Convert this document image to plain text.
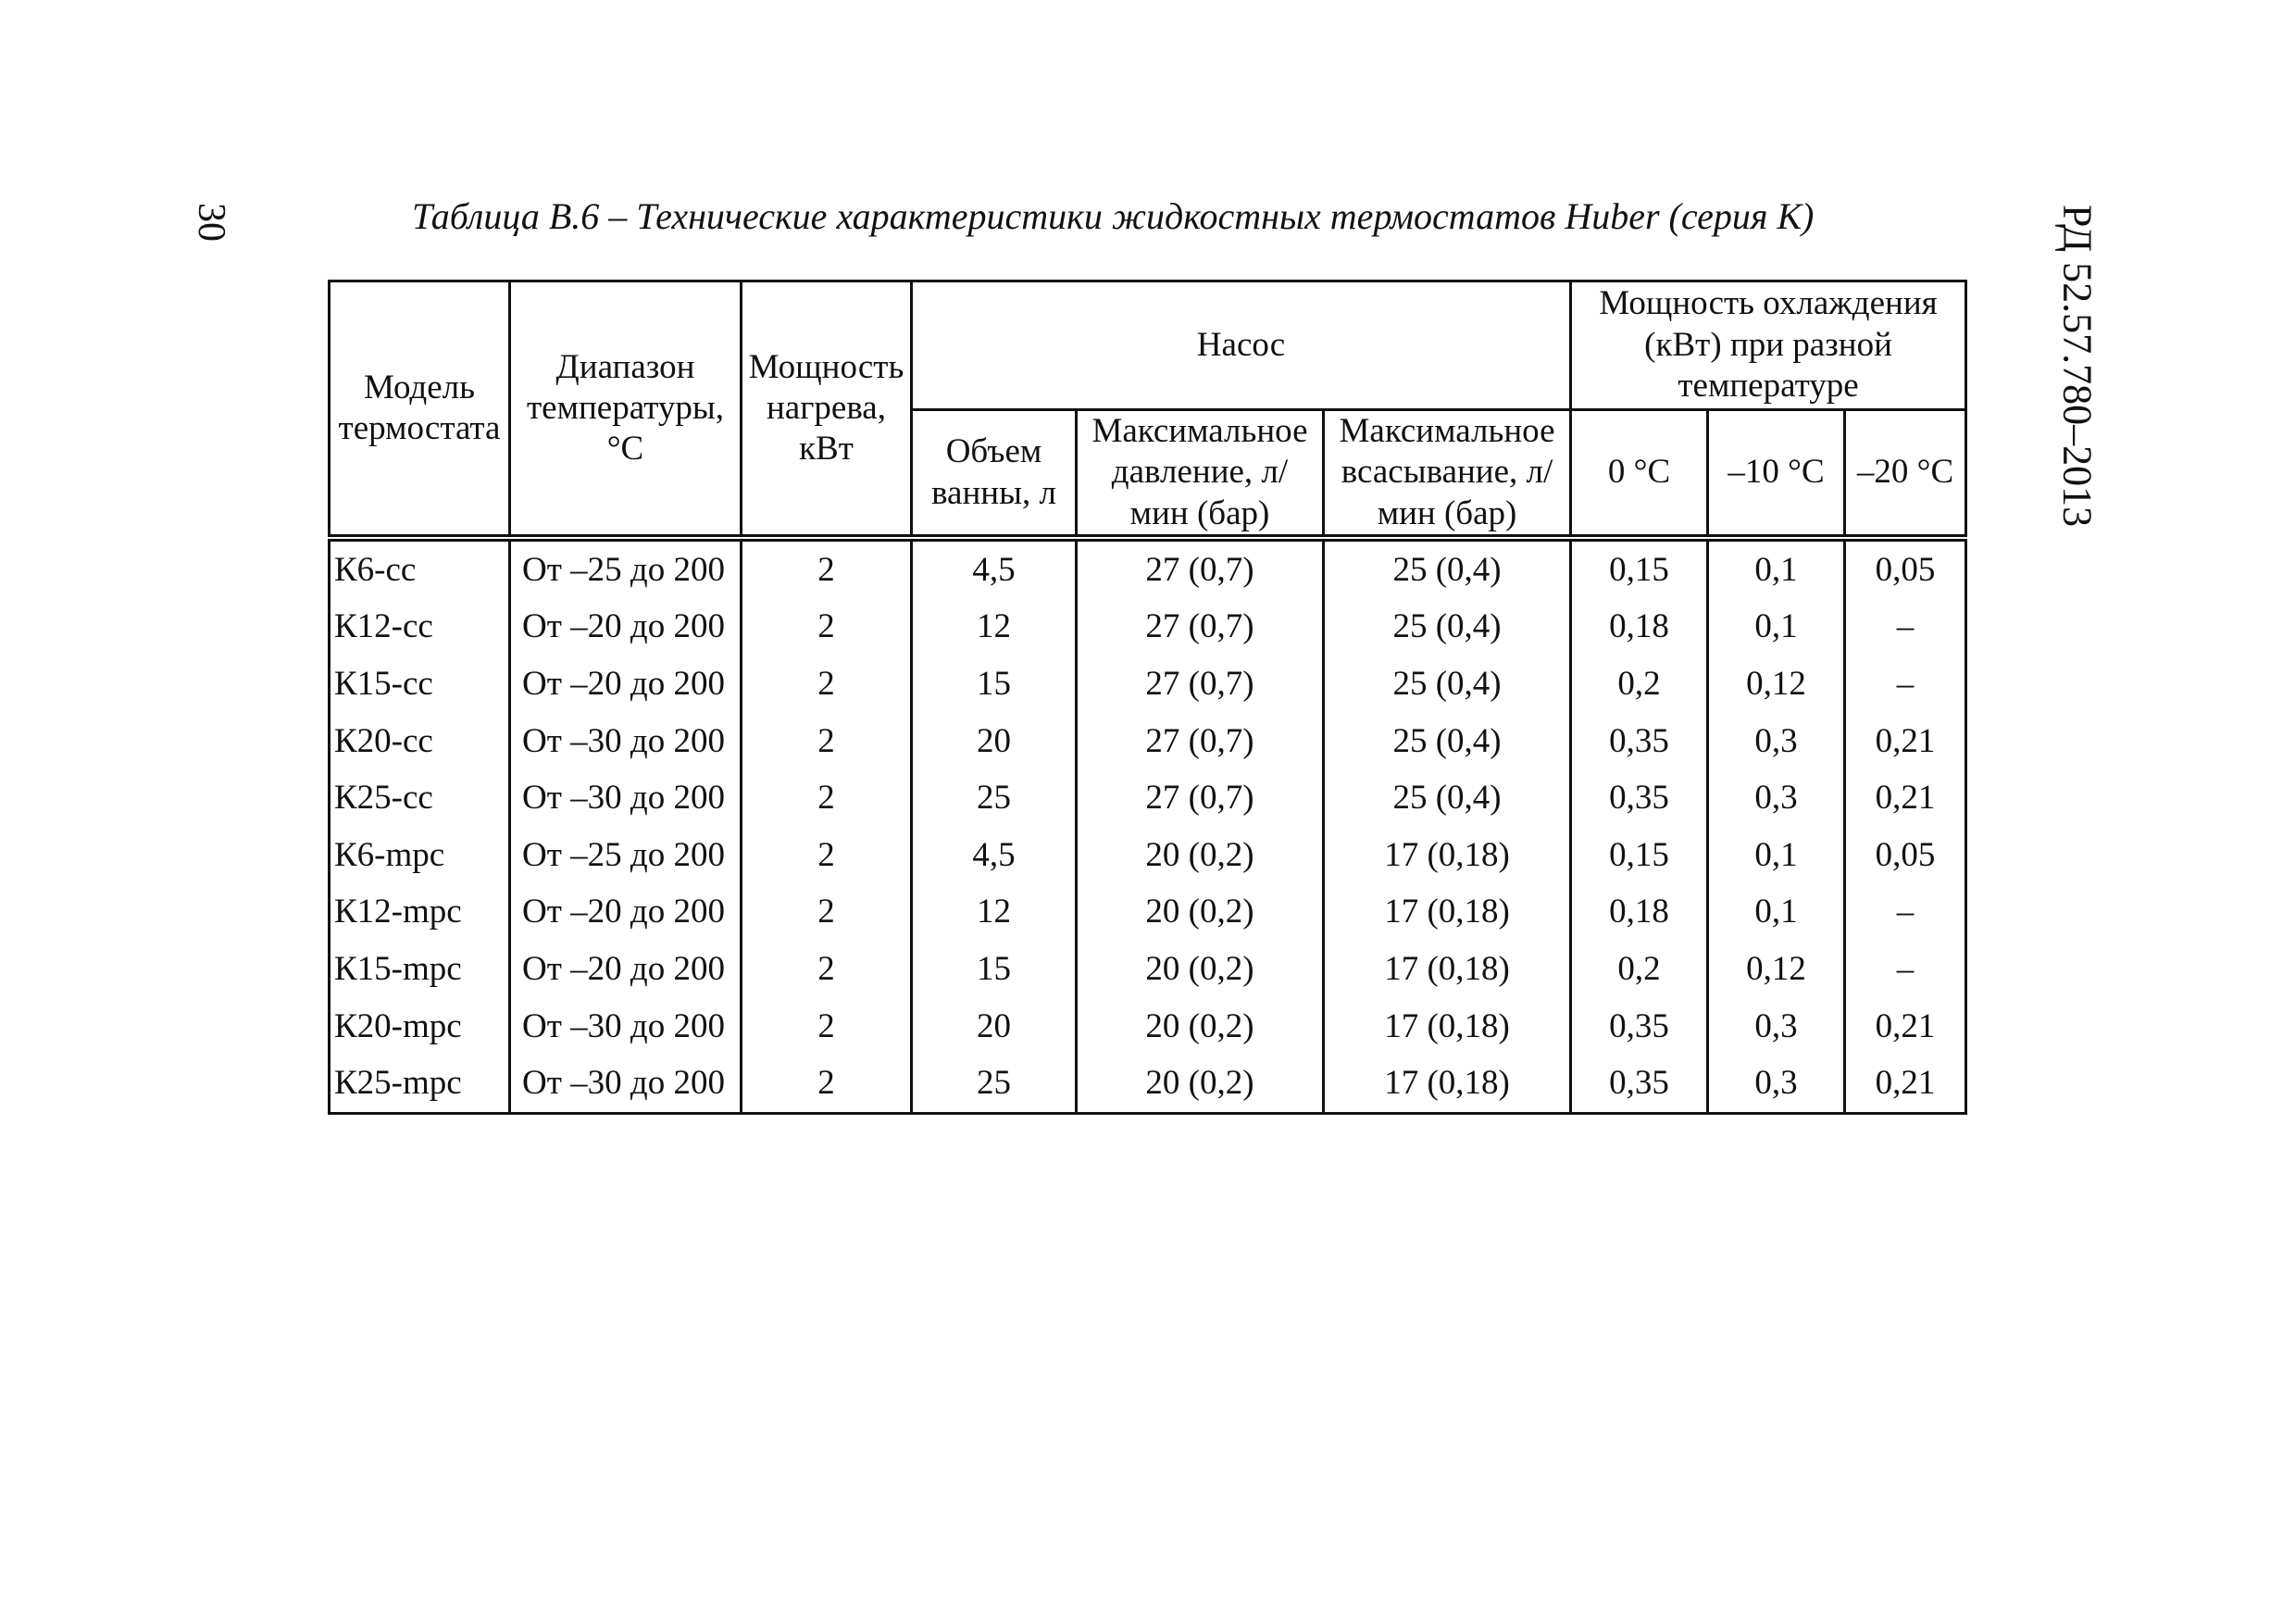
30	РД 52.57.780–2013
Таблица В.6 – Технические характеристики жидкостных термостатов Huber (серия К)
Модель термостата	Диапазон температуры, °С	Мощность нагрева, кВт	Насос			Мощность охлаждения (кВт) при разной температуре		
			Объем ванны, л	Максимальное давление, л/мин (бар)	Максимальное всасывание, л/мин (бар)	0 °С	–10 °С	–20 °С
К6-cc	От –25 до 200	2	4,5	27 (0,7)	25 (0,4)	0,15	0,1	0,05
К12-cc	От –20 до 200	2	12	27 (0,7)	25 (0,4)	0,18	0,1	–
К15-cc	От –20 до 200	2	15	27 (0,7)	25 (0,4)	0,2	0,12	–
К20-cc	От –30 до 200	2	20	27 (0,7)	25 (0,4)	0,35	0,3	0,21
К25-cc	От –30 до 200	2	25	27 (0,7)	25 (0,4)	0,35	0,3	0,21
К6-mpc	От –25 до 200	2	4,5	20 (0,2)	17 (0,18)	0,15	0,1	0,05
К12-mpc	От –20 до 200	2	12	20 (0,2)	17 (0,18)	0,18	0,1	–
К15-mpc	От –20 до 200	2	15	20 (0,2)	17 (0,18)	0,2	0,12	–
К20-mpc	От –30 до 200	2	20	20 (0,2)	17 (0,18)	0,35	0,3	0,21
К25-mpc	От –30 до 200	2	25	20 (0,2)	17 (0,18)	0,35	0,3	0,21
